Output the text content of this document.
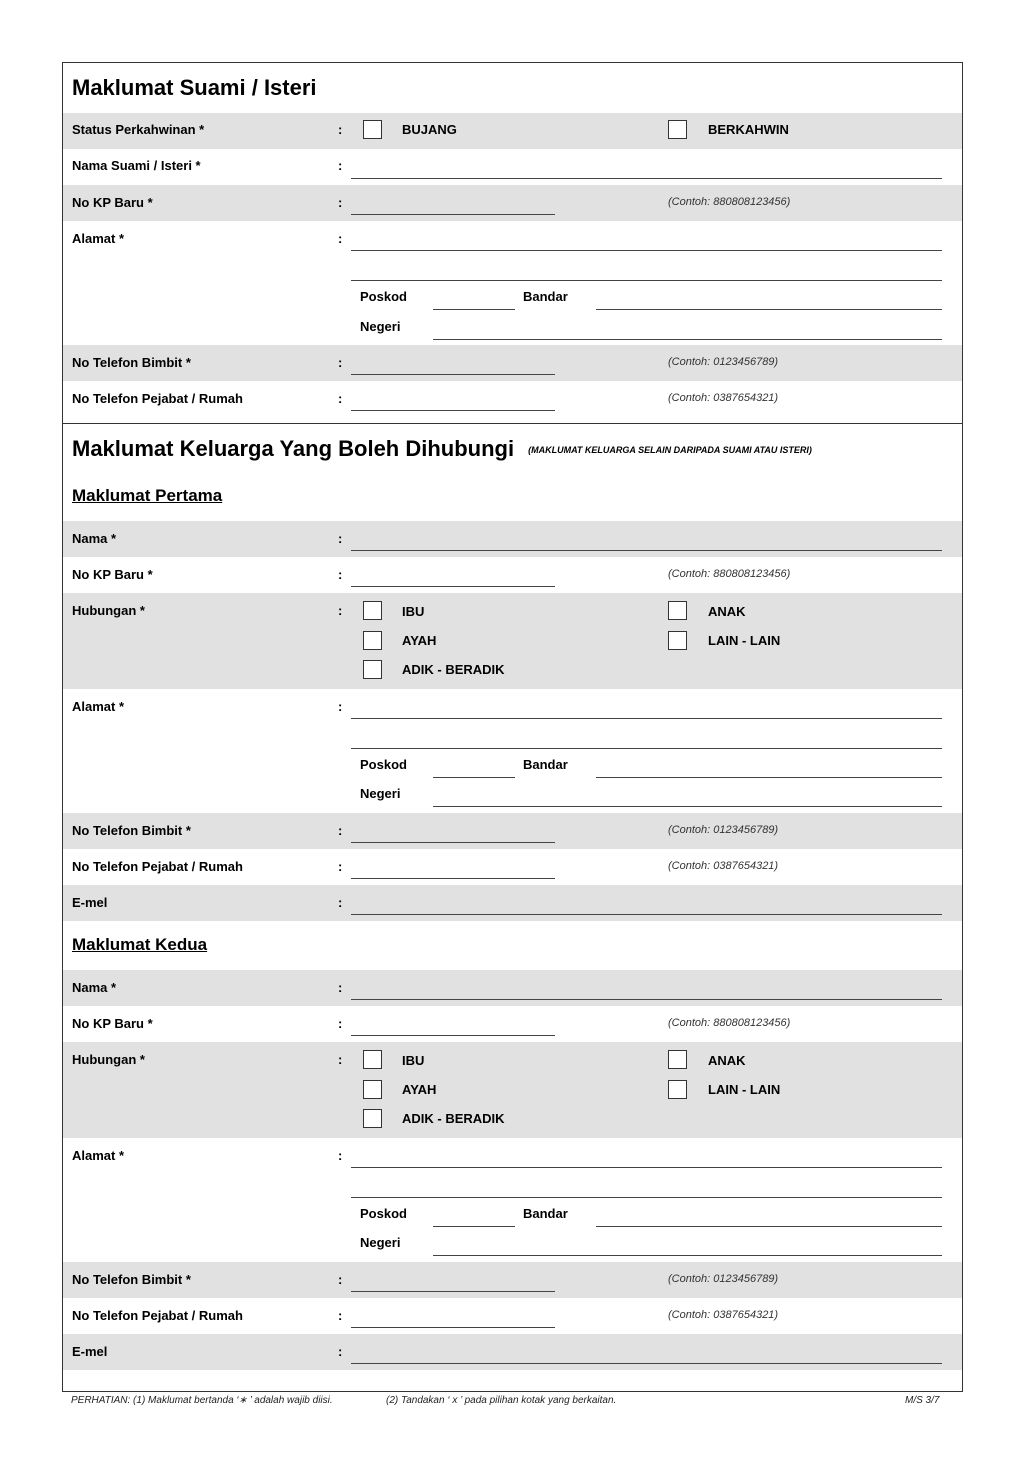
Maklumat Suami / Isteri
Status Perkahwinan *	:	BUJANG	BERKAHWIN
Nama Suami / Isteri *	:
No KP Baru *	:	(Contoh: 880808123456)
Alamat *	:
Poskod	Bandar
Negeri
No Telefon Bimbit *	:	(Contoh: 0123456789)
No Telefon Pejabat / Rumah	:	(Contoh: 0387654321)
Maklumat Keluarga Yang Boleh Dihubungi (MAKLUMAT KELUARGA SELAIN DARIPADA SUAMI ATAU ISTERI)
Maklumat Pertama
Nama *	:
No KP Baru *	:	(Contoh: 880808123456)
Hubungan *	:	IBU	ANAK
AYAH	LAIN - LAIN
ADIK - BERADIK
Alamat *	:
Poskod	Bandar
Negeri
No Telefon Bimbit *	:	(Contoh: 0123456789)
No Telefon Pejabat / Rumah	:	(Contoh: 0387654321)
E-mel	:
Maklumat Kedua
Nama *	:
No KP Baru *	:	(Contoh: 880808123456)
Hubungan *	:	IBU	ANAK
AYAH	LAIN - LAIN
ADIK - BERADIK
Alamat *	:
Poskod	Bandar
Negeri
No Telefon Bimbit *	:	(Contoh: 0123456789)
No Telefon Pejabat / Rumah	:	(Contoh: 0387654321)
E-mel	:
PERHATIAN: (1) Maklumat bertanda ‘∗ ’ adalah wajib diisi.	(2) Tandakan ‘ x ’ pada pilihan kotak yang berkaitan.	M/S 3/7
